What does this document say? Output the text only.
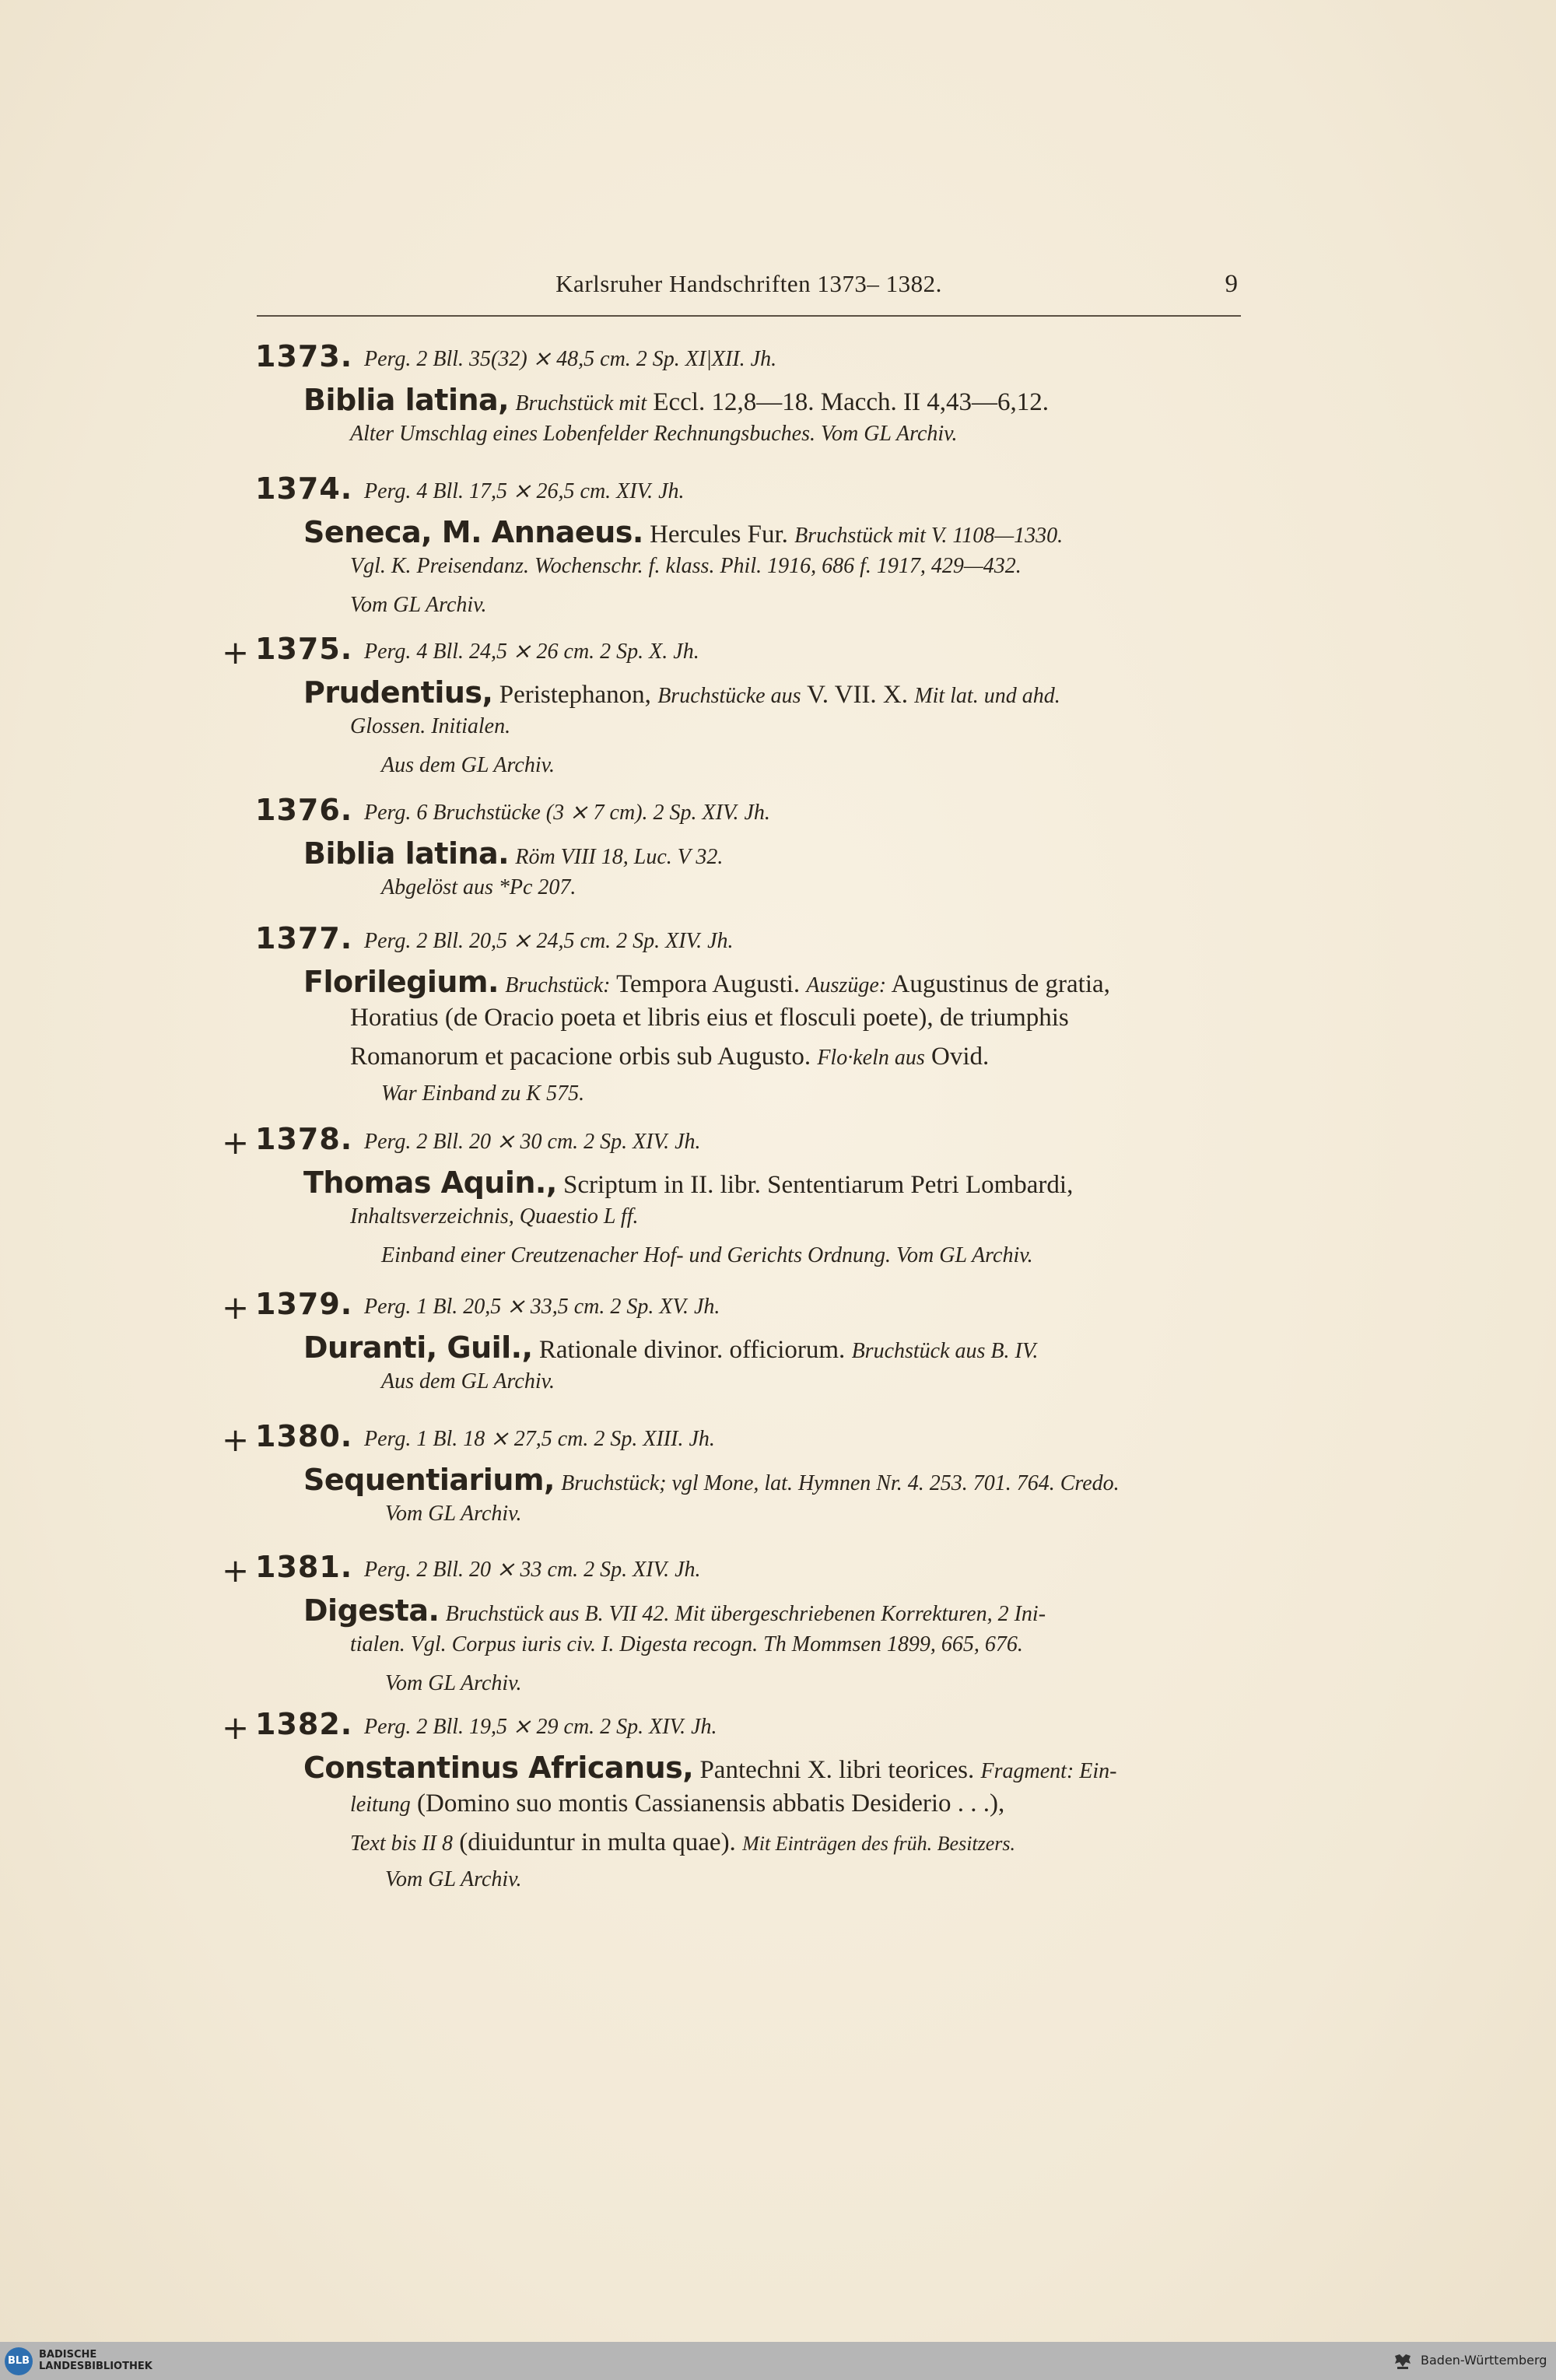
Karlsruher Handschriften 1373– 1382.	9
1373. Perg. 2 Bll. 35(32) ⨯ 48,5 cm. 2 Sp. XI|XII. Jh.
Biblia latina, Bruchstück mit Eccl. 12,8—18. Macch. II 4,43—6,12.
Alter Umschlag eines Lobenfelder Rechnungsbuches. Vom GL Archiv.
1374. Perg. 4 Bll. 17,5 ⨯ 26,5 cm. XIV. Jh.
Seneca, M. Annaeus. Hercules Fur. Bruchstück mit V. 1108—1330.
Vgl. K. Preisendanz. Wochenschr. f. klass. Phil. 1916, 686 f. 1917, 429—432.
Vom GL Archiv.
+ 1375. Perg. 4 Bll. 24,5 ⨯ 26 cm. 2 Sp. X. Jh.
Prudentius, Peristephanon, Bruchstücke aus V. VII. X. Mit lat. und ahd.
Glossen. Initialen.
Aus dem GL Archiv.
1376. Perg. 6 Bruchstücke (3 ⨯ 7 cm). 2 Sp. XIV. Jh.
Biblia latina. Röm VIII 18, Luc. V 32.
Abgelöst aus *Pc 207.
1377. Perg. 2 Bll. 20,5 ⨯ 24,5 cm. 2 Sp. XIV. Jh.
Florilegium. Bruchstück: Tempora Augusti. Auszüge: Augustinus de gratia,
Horatius (de Oracio poeta et libris eius et flosculi poete), de triumphis
Romanorum et pacacione orbis sub Augusto. Flo·keln aus Ovid.
War Einband zu K 575.
+ 1378. Perg. 2 Bll. 20 ⨯ 30 cm. 2 Sp. XIV. Jh.
Thomas Aquin., Scriptum in II. libr. Sententiarum Petri Lombardi,
Inhaltsverzeichnis, Quaestio L ff.
Einband einer Creutzenacher Hof- und Gerichts Ordnung. Vom GL Archiv.
+ 1379. Perg. 1 Bl. 20,5 ⨯ 33,5 cm. 2 Sp. XV. Jh.
Duranti, Guil., Rationale divinor. officiorum. Bruchstück aus B. IV.
Aus dem GL Archiv.
+ 1380. Perg. 1 Bl. 18 ⨯ 27,5 cm. 2 Sp. XIII. Jh.
Sequentiarium, Bruchstück; vgl Mone, lat. Hymnen Nr. 4. 253. 701. 764. Credo.
Vom GL Archiv.
+ 1381. Perg. 2 Bll. 20 ⨯ 33 cm. 2 Sp. XIV. Jh.
Digesta. Bruchstück aus B. VII 42. Mit übergeschriebenen Korrekturen, 2 Ini-
tialen. Vgl. Corpus iuris civ. I. Digesta recogn. Th Mommsen 1899, 665, 676.
Vom GL Archiv.
+ 1382. Perg. 2 Bll. 19,5 ⨯ 29 cm. 2 Sp. XIV. Jh.
Constantinus Africanus, Pantechni X. libri teorices. Fragment: Ein-
leitung (Domino suo montis Cassianensis abbatis Desiderio . . .),
Text bis II 8 (diuiduntur in multa quae). Mit Einträgen des früh. Besitzers.
Vom GL Archiv.
BLB
BADISCHE
LANDESBIBLIOTHEK	Baden-Württemberg
